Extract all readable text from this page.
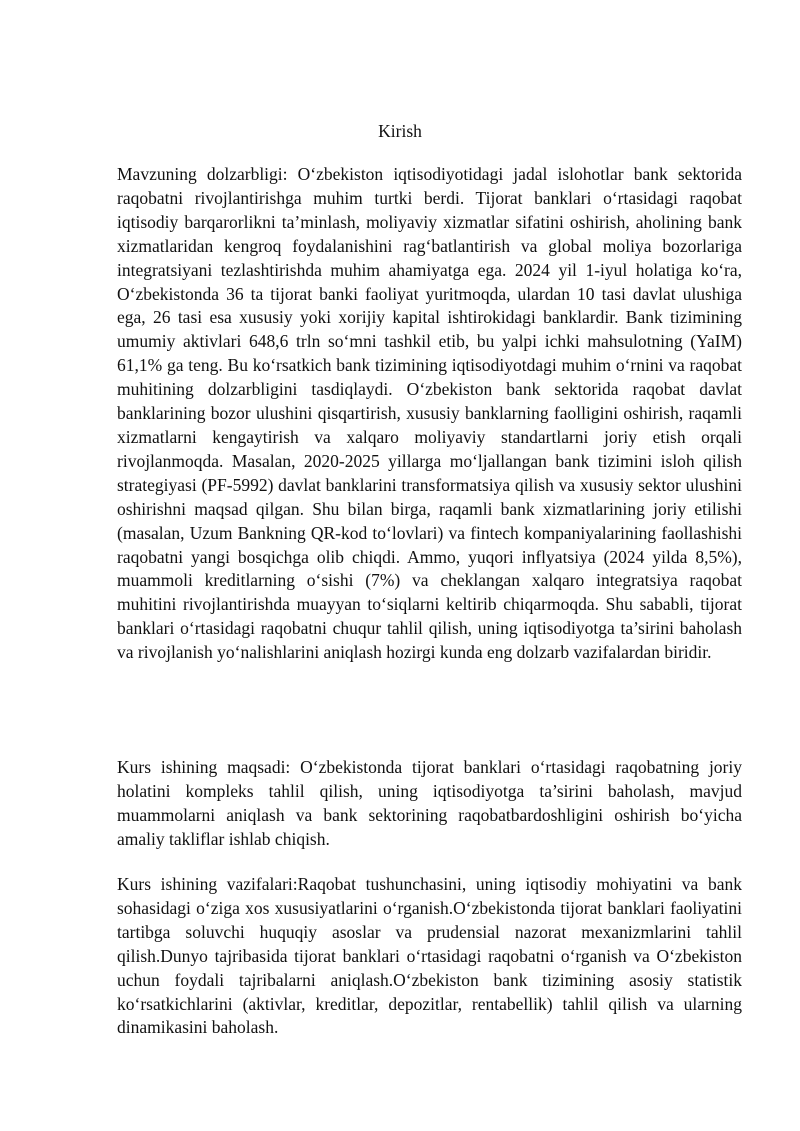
Kirish

Mavzuning dolzarbligi: O‘zbekiston iqtisodiyotidagi jadal islohotlar bank sektorida raqobatni rivojlantirishga muhim turtki berdi. Tijorat banklari o‘rtasidagi raqobat iqtisodiy barqarorlikni ta’minlash, moliyaviy xizmatlar sifatini oshirish, aholining bank xizmatlaridan kengroq foydalanishini rag‘batlantirish va global moliya bozorlariga integratsiyani tezlashtirishda muhim ahamiyatga ega. 2024 yil 1-iyul holatiga ko‘ra, O‘zbekistonda 36 ta tijorat banki faoliyat yuritmoqda, ulardan 10 tasi davlat ulushiga ega, 26 tasi esa xususiy yoki xorijiy kapital ishtirokidagi banklardir. Bank tizimining umumiy aktivlari 648,6 trln so‘mni tashkil etib, bu yalpi ichki mahsulotning (YaIM) 61,1% ga teng. Bu ko‘rsatkich bank tizimining iqtisodiyotdagi muhim o‘rnini va raqobat muhitining dolzarbligini tasdiqlaydi. O‘zbekiston bank sektorida raqobat davlat banklarining bozor ulushini qisqartirish, xususiy banklarning faolligini oshirish, raqamli xizmatlarni kengaytirish va xalqaro moliyaviy standartlarni joriy etish orqali rivojlanmoqda. Masalan, 2020-2025 yillarga mo‘ljallangan bank tizimini isloh qilish strategiyasi (PF-5992) davlat banklarini transformatsiya qilish va xususiy sektor ulushini oshirishni maqsad qilgan. Shu bilan birga, raqamli bank xizmatlarining joriy etilishi (masalan, Uzum Bankning QR-kod to‘lovlari) va fintech kompaniyalarining faollashishi raqobatni yangi bosqichga olib chiqdi. Ammo, yuqori inflyatsiya (2024 yilda 8,5%), muammoli kreditlarning o‘sishi (7%) va cheklangan xalqaro integratsiya raqobat muhitini rivojlantirishda muayyan to‘siqlarni keltirib chiqarmoqda. Shu sababli, tijorat banklari o‘rtasidagi raqobatni chuqur tahlil qilish, uning iqtisodiyotga ta’sirini baholash va rivojlanish yo‘nalishlarini aniqlash hozirgi kunda eng dolzarb vazifalardan biridir.

Kurs ishining maqsadi: O‘zbekistonda tijorat banklari o‘rtasidagi raqobatning joriy holatini kompleks tahlil qilish, uning iqtisodiyotga ta’sirini baholash, mavjud muammolarni aniqlash va bank sektorining raqobatbardoshligini oshirish bo‘yicha amaliy takliflar ishlab chiqish.

Kurs ishining vazifalari:Raqobat tushunchasini, uning iqtisodiy mohiyatini va bank sohasidagi o‘ziga xos xususiyatlarini o‘rganish.O‘zbekistonda tijorat banklari faoliyatini tartibga soluvchi huquqiy asoslar va prudensial nazorat mexanizmlarini tahlil qilish.Dunyo tajribasida tijorat banklari o‘rtasidagi raqobatni o‘rganish va O‘zbekiston uchun foydali tajribalarni aniqlash.O‘zbekiston bank tizimining asosiy statistik ko‘rsatkichlarini (aktivlar, kreditlar, depozitlar, rentabellik) tahlil qilish va ularning dinamikasini baholash.
